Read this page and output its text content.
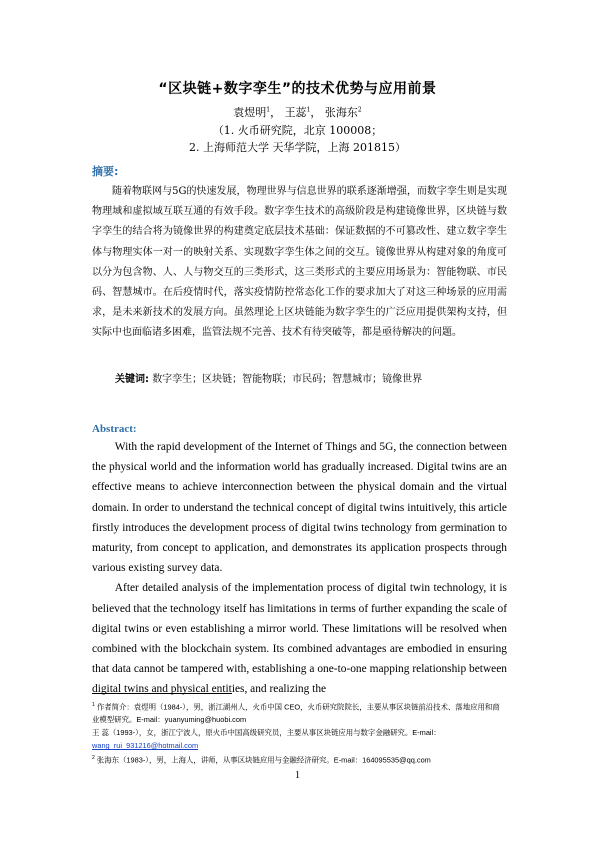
“区块链+数字孪生”的技术优势与应用前景
袁煜明$^1$， 王蕊$^1$， 张海东$^2$
（1. 火币研究院，北京 100008；
2. 上海师范大学 天华学院，上海 201815）
摘要:

随着物联网与5G的快速发展，物理世界与信息世界的联系逐渐增强，而数字孪生则是实现物理域和虚拟域互联互通的有效手段。数字孪生技术的高级阶段是构建镜像世界，区块链与数字孪生的结合将为镜像世界的构建奠定底层技术基础：保证数据的不可篡改性、建立数字孪生体与物理实体一对一的映射关系、实现数字孪生体之间的交互。镜像世界从构建对象的角度可以分为包含物、人、人与物交互的三类形式，这三类形式的主要应用场景为：智能物联、市民码、智慧城市。在后疫情时代，落实疫情防控常态化工作的要求加大了对这三种场景的应用需求，是未来新技术的发展方向。虽然理论上区块链能为数字孪生的广泛应用提供架构支持，但实际中也面临诸多困难，监管法规不完善、技术有待突破等，都是亟待解决的问题。

关键词: 数字孪生；区块链；智能物联；市民码；智慧城市；镜像世界
Abstract:

With the rapid development of the Internet of Things and 5G, the connection between the physical world and the information world has gradually increased. Digital twins are an effective means to achieve interconnection between the physical domain and the virtual domain. In order to understand the technical concept of digital twins intuitively, this article firstly introduces the development process of digital twins technology from germination to maturity, from concept to application, and demonstrates its application prospects through various existing survey data.

After detailed analysis of the implementation process of digital twin technology, it is believed that the technology itself has limitations in terms of further expanding the scale of digital twins or even establishing a mirror world. These limitations will be resolved when combined with the blockchain system. Its combined advantages are embodied in ensuring that data cannot be tampered with, establishing a one-to-one mapping relationship between digital twins and physical entities, and realizing the

$^1$ 作者简介：袁煜明（1984-），男，浙江湖州人，火币中国 CEO，火币研究院院长，主要从事区块链前沿技术、落地应用和商业模型研究。E-mail：yuanyuming@huobi.com

王 蕊（1993-），女，浙江宁波人，原火币中国高级研究员，主要从事区块链应用与数字金融研究。E-mail：
wang_rui_931216@hotmail.com

$^2$ 张海东（1983-），男，上海人，讲师，从事区块链应用与金融经济研究。E-mail：164095535@qq.com

1
